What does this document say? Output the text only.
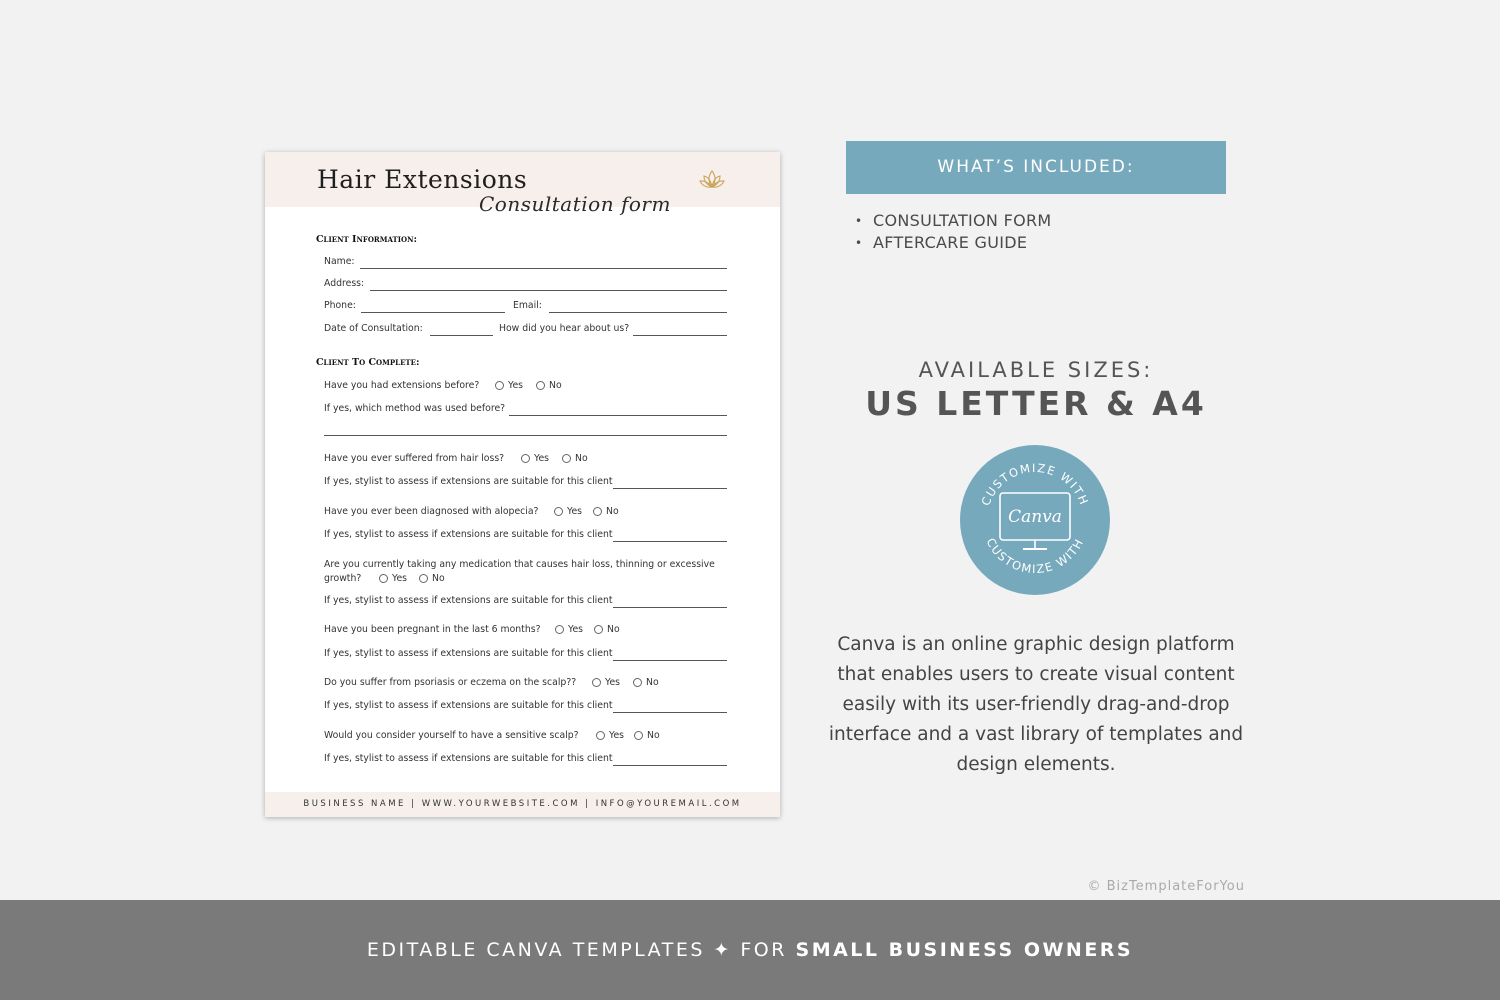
Hair Extensions
Consultation form
Client Information:
Name:
Address:
Phone:	Email:
Date of Consultation:	How did you hear about us?
Client To Complete:
Have you had extensions before?	Yes	No
If yes, which method was used before?
Have you ever suffered from hair loss?	Yes	No
If yes, stylist to assess if extensions are suitable for this client
Have you ever been diagnosed with alopecia?	Yes	No
If yes, stylist to assess if extensions are suitable for this client
Are you currently taking any medication that causes hair loss, thinning or excessive
growth?	Yes	No
If yes, stylist to assess if extensions are suitable for this client
Have you been pregnant in the last 6 months?	Yes	No
If yes, stylist to assess if extensions are suitable for this client
Do you suffer from psoriasis or eczema on the scalp??	Yes	No
If yes, stylist to assess if extensions are suitable for this client
Would you consider yourself to have a sensitive scalp?	Yes No
If yes, stylist to assess if extensions are suitable for this client
BUSINESS NAME | WWW.YOURWEBSITE.COM | INFO@YOUREMAIL.COM
WHAT’S INCLUDED:
• CONSULTATION FORM
• AFTERCARE GUIDE
AVAILABLE SIZES:
US LETTER & A4
CUSTOMIZE WITH
CUSTOMIZE WITH
Canva
Canva is an online graphic design platform that enables users to create visual content easily with its user-friendly drag-and-drop interface and a vast library of templates and design elements.
© BizTemplateForYou
EDITABLE CANVA TEMPLATES ✦ FOR SMALL BUSINESS OWNERS
